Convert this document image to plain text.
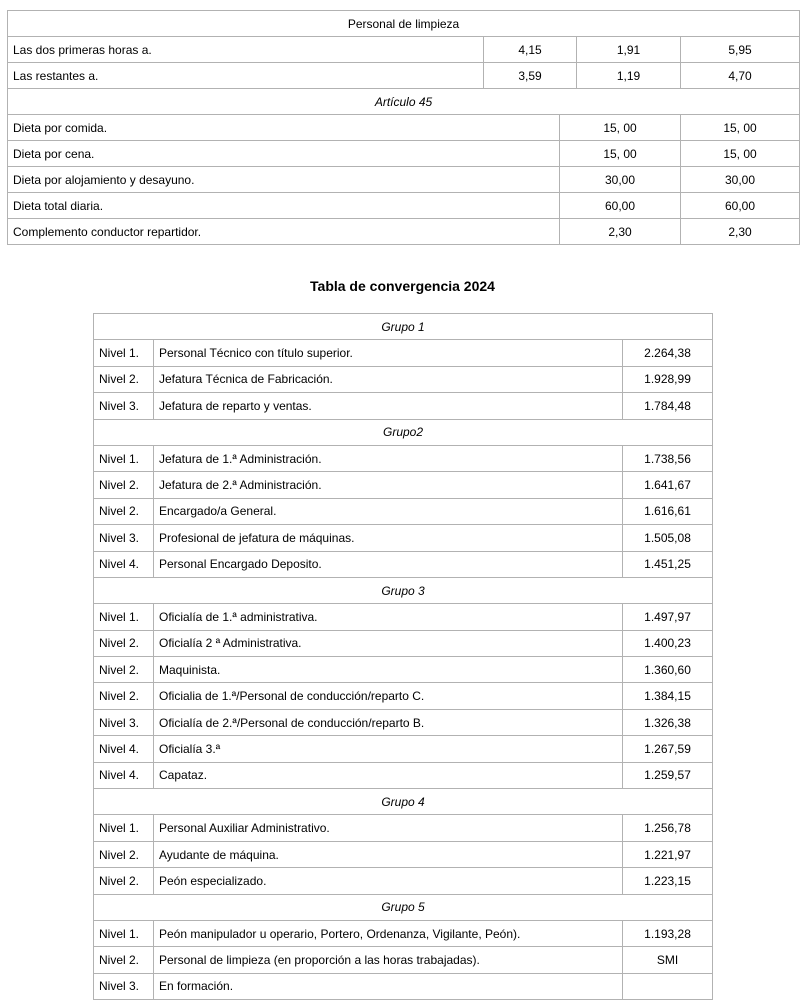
Personal de limpieza			
Las dos primeras horas a.	4,15	1,91	5,95
Las restantes a.	3,59	1,19	4,70
Artículo 45		
Dieta por comida.	15, 00	15, 00
Dieta por cena.	15, 00	15, 00
Dieta por alojamiento y desayuno.	30,00	30,00
Dieta total diaria.	60,00	60,00
Complemento conductor repartidor.	2,30	2,30
Tabla de convergencia 2024
Grupo 1		
Nivel 1.	Personal Técnico con título superior.	2.264,38
Nivel 2.	Jefatura Técnica de Fabricación.	1.928,99
Nivel 3.	Jefatura de reparto y ventas.	1.784,48
Grupo2		
Nivel 1.	Jefatura de 1.ª Administración.	1.738,56
Nivel 2.	Jefatura de 2.ª Administración.	1.641,67
Nivel 2.	Encargado/a General.	1.616,61
Nivel 3.	Profesional de jefatura de máquinas.	1.505,08
Nivel 4.	Personal Encargado Deposito.	1.451,25
Grupo 3		
Nivel 1.	Oficialía de 1.ª administrativa.	1.497,97
Nivel 2.	Oficialía 2 ª Administrativa.	1.400,23
Nivel 2.	Maquinista.	1.360,60
Nivel 2.	Oficialia de 1.ª/Personal de conducción/reparto C.	1.384,15
Nivel 3.	Oficialía de 2.ª/Personal de conducción/reparto B.	1.326,38
Nivel 4.	Oficialía 3.ª	1.267,59
Nivel 4.	Capataz.	1.259,57
Grupo 4		
Nivel 1.	Personal Auxiliar Administrativo.	1.256,78
Nivel 2.	Ayudante de máquina.	1.221,97
Nivel 2.	Peón especializado.	1.223,15
Grupo 5		
Nivel 1.	Peón manipulador u operario, Portero, Ordenanza, Vigilante, Peón).	1.193,28
Nivel 2.	Personal de limpieza (en proporción a las horas trabajadas).	SMI
Nivel 3.	En formación.	
